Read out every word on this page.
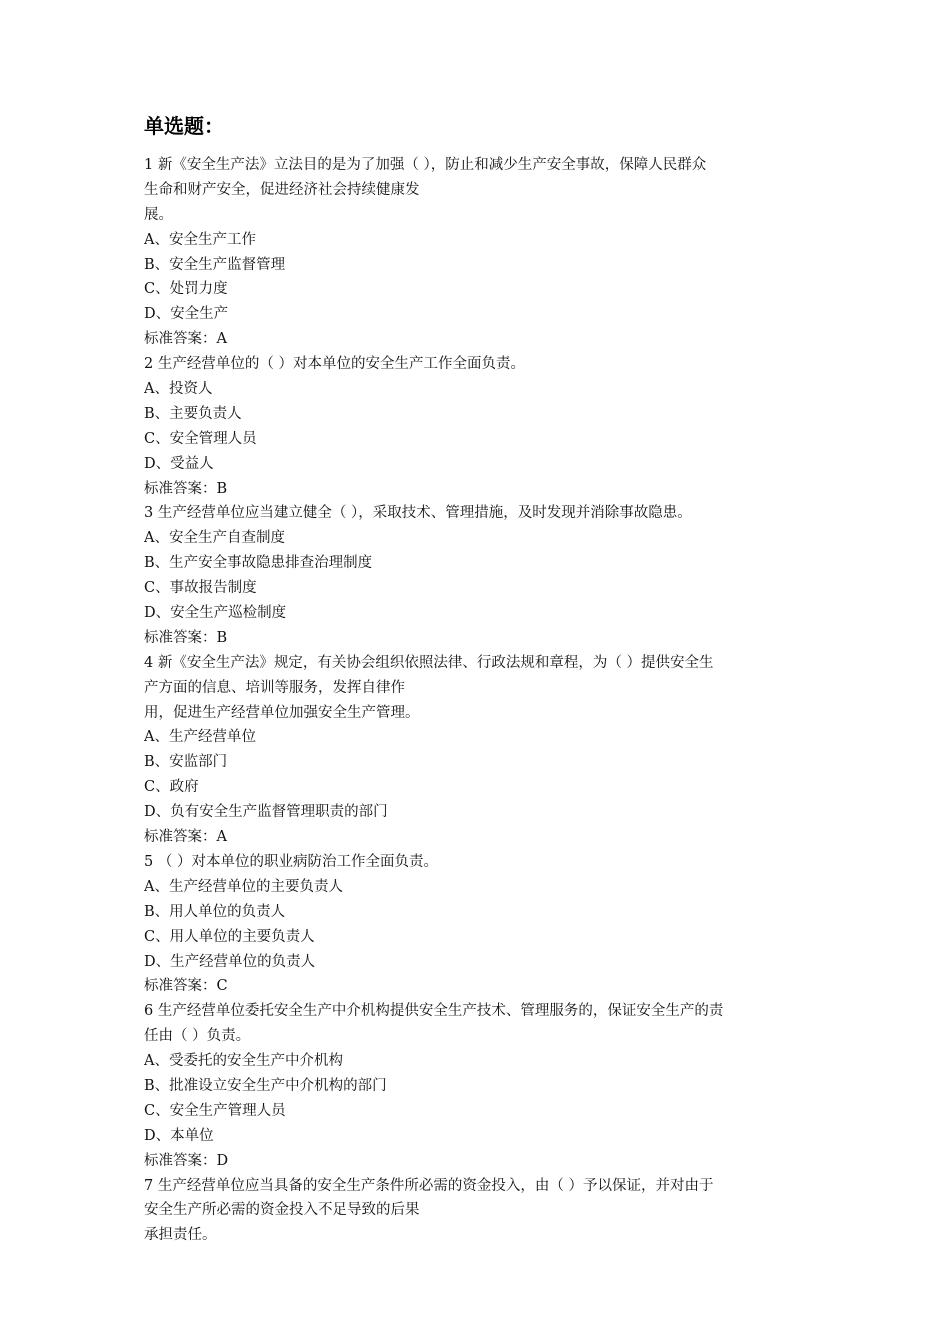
单选题：
1 新《安全生产法》立法目的是为了加强（ ），防止和减少生产安全事故，保障人民群众
生命和财产安全，促进经济社会持续健康发
展。
A、安全生产工作
B、安全生产监督管理
C、处罚力度
D、安全生产
标准答案：A
2 生产经营单位的（ ）对本单位的安全生产工作全面负责。
A、投资人
B、主要负责人
C、安全管理人员
D、受益人
标准答案：B
3 生产经营单位应当建立健全（ ），采取技术、管理措施，及时发现并消除事故隐患。
A、安全生产自查制度
B、生产安全事故隐患排查治理制度
C、事故报告制度
D、安全生产巡检制度
标准答案：B
4 新《安全生产法》规定，有关协会组织依照法律、行政法规和章程，为（ ）提供安全生
产方面的信息、培训等服务，发挥自律作
用，促进生产经营单位加强安全生产管理。
A、生产经营单位
B、安监部门
C、政府
D、负有安全生产监督管理职责的部门
标准答案：A
5 （ ）对本单位的职业病防治工作全面负责。
A、生产经营单位的主要负责人
B、用人单位的负责人
C、用人单位的主要负责人
D、生产经营单位的负责人
标准答案：C
6 生产经营单位委托安全生产中介机构提供安全生产技术、管理服务的，保证安全生产的责
任由（ ）负责。
A、受委托的安全生产中介机构
B、批准设立安全生产中介机构的部门
C、安全生产管理人员
D、本单位
标准答案：D
7 生产经营单位应当具备的安全生产条件所必需的资金投入，由（ ）予以保证，并对由于
安全生产所必需的资金投入不足导致的后果
承担责任。
